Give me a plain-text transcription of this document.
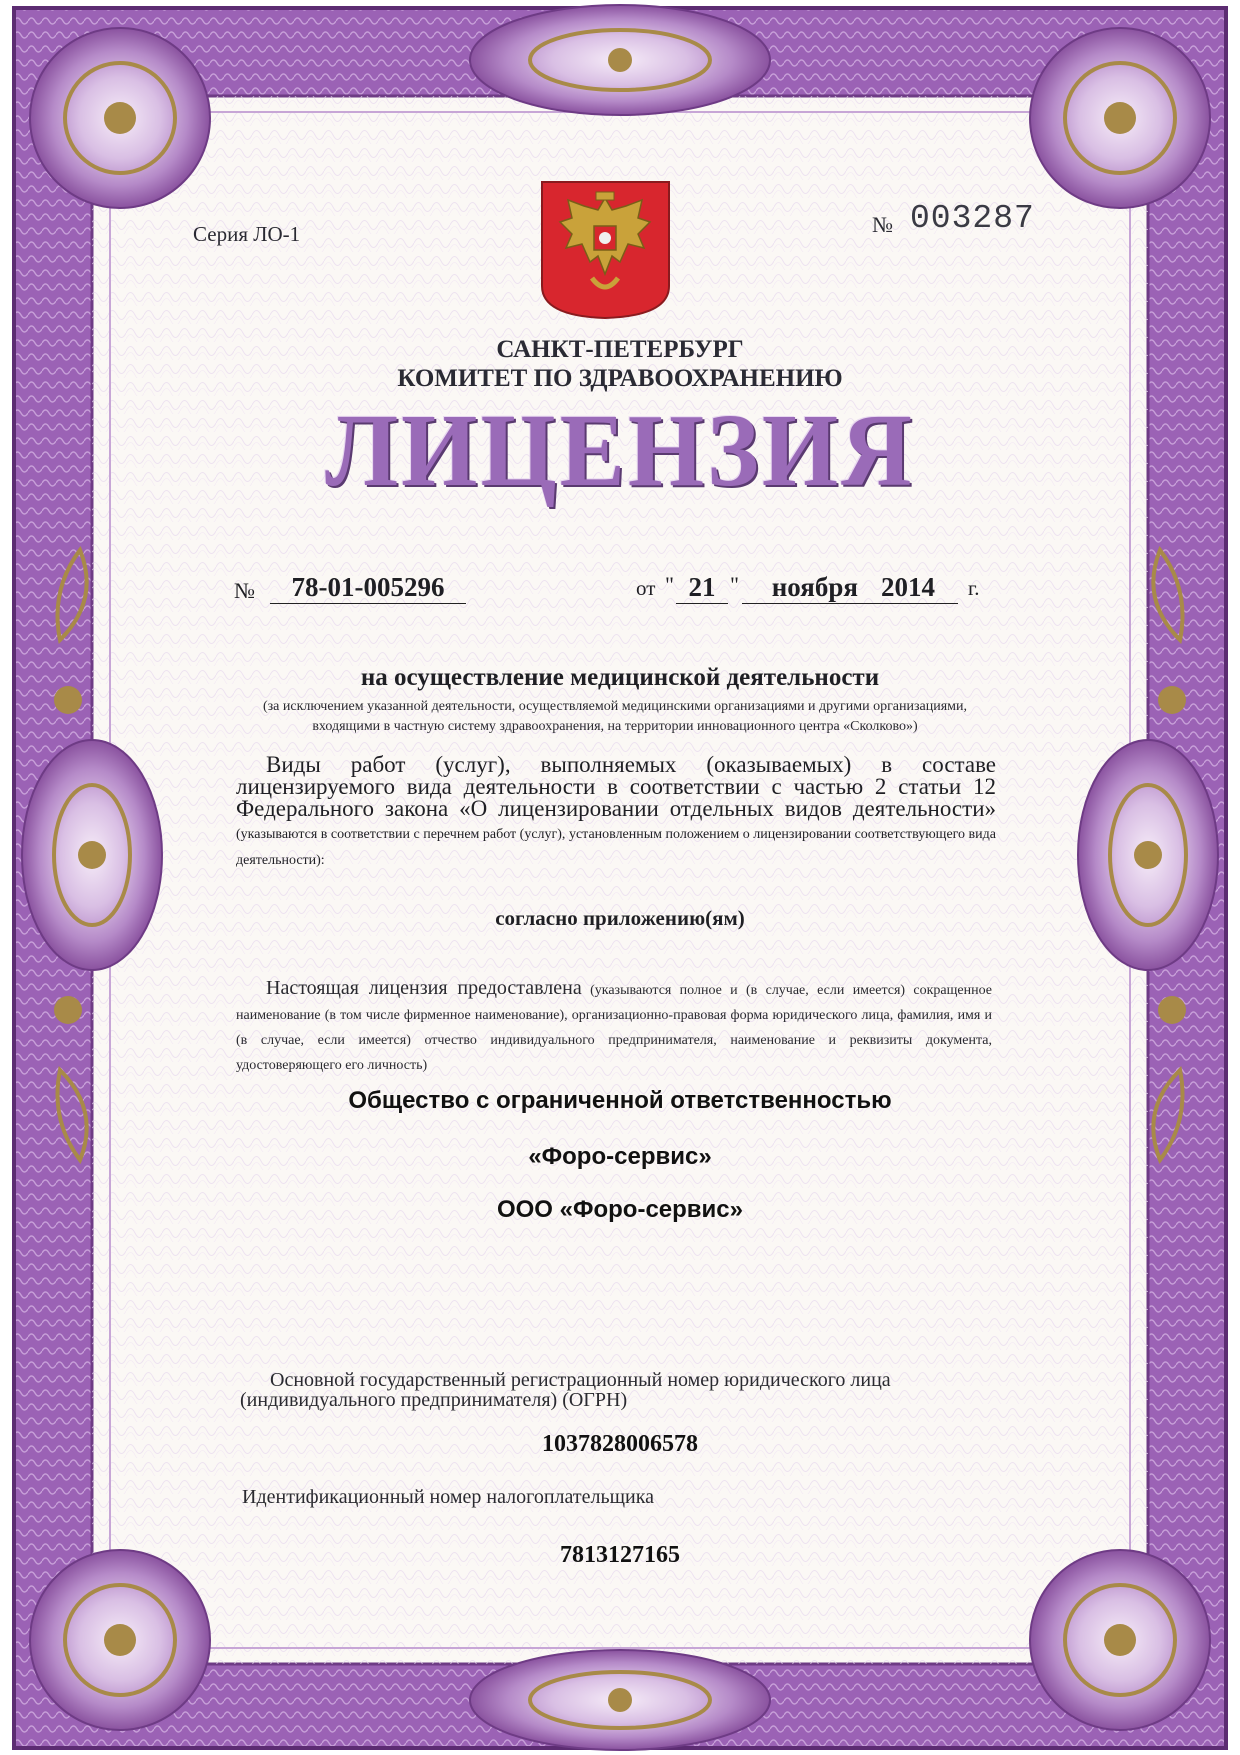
Серия ЛО-1	№ 003287
САНКТ-ПЕТЕРБУРГ
КОМИТЕТ ПО ЗДРАВООХРАНЕНИЮ
ЛИЦЕНЗИЯ
№	78-01-005296	от " 21 "	ноября 2014	г.
на осуществление медицинской деятельности
(за исключением указанной деятельности, осуществляемой медицинскими организациями и другими организациями, входящими в частную систему здравоохранения, на территории инновационного центра «Сколково»)
Виды работ (услуг), выполняемых (оказываемых) в составе лицензируемого вида деятельности в соответствии с частью 2 статьи 12 Федерального закона «О лицензировании отдельных видов деятельности» (указываются в соответствии с перечнем работ (услуг), установленным положением о лицензировании соответствующего вида деятельности):
согласно приложению(ям)
Настоящая лицензия предоставлена (указываются полное и (в случае, если имеется) сокращенное наименование (в том числе фирменное наименование), организационно-правовая форма юридического лица, фамилия, имя и (в случае, если имеется) отчество индивидуального предпринимателя, наименование и реквизиты документа, удостоверяющего его личность)
Общество с ограниченной ответственностью
«Форо-сервис»
ООО «Форо-сервис»
Основной государственный регистрационный номер юридического лица (индивидуального предпринимателя) (ОГРН)
1037828006578
Идентификационный номер налогоплательщика
7813127165
